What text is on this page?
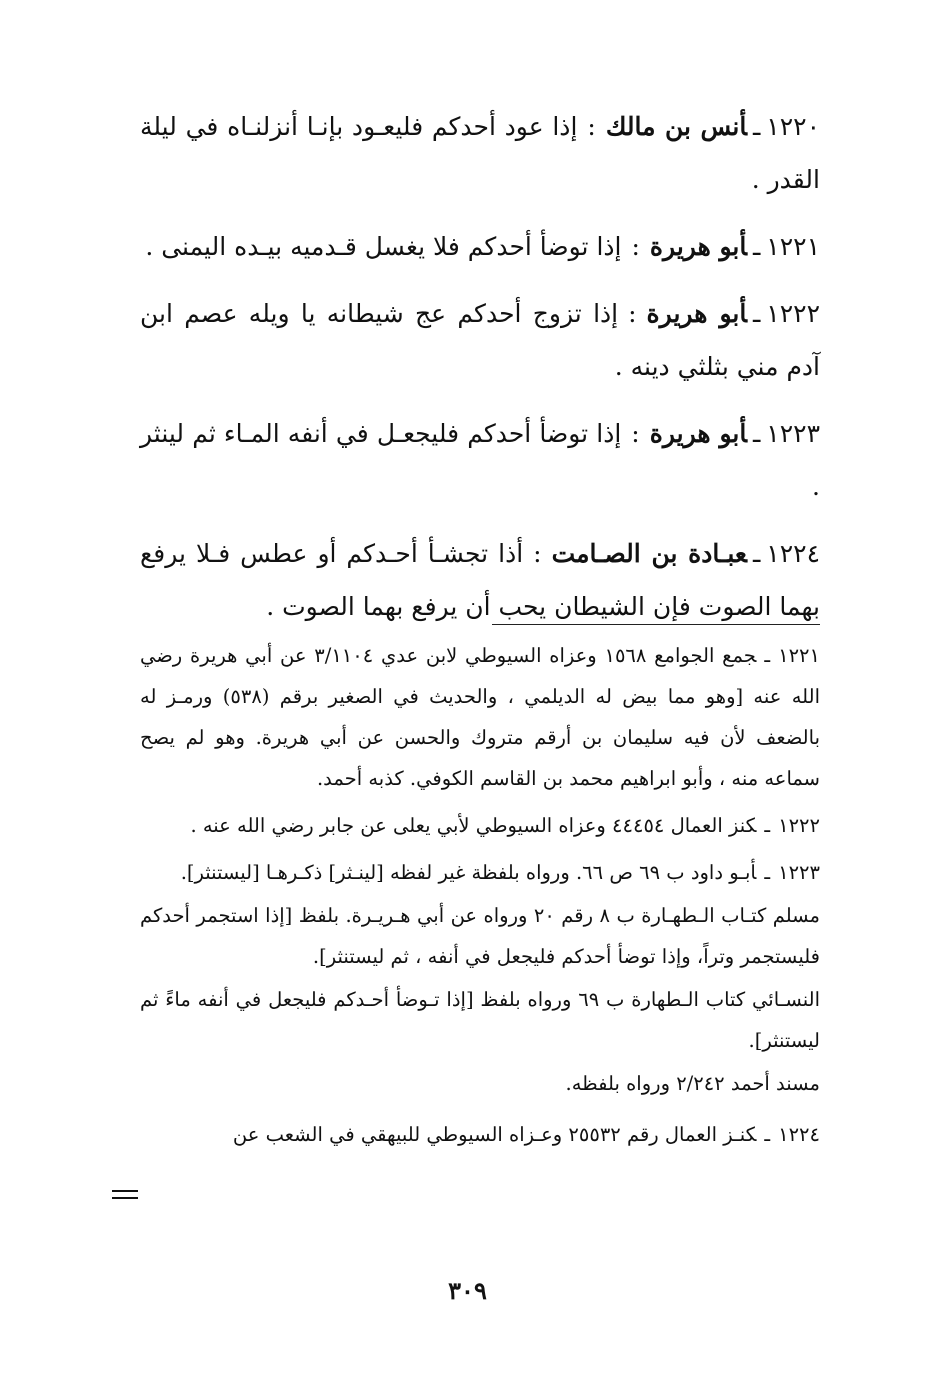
١٢٢٠ـأنس بن مالك:إذا عود أحدكم فليعـود بإنـا أنزلنـاه في ليلة القدر .
١٢٢١ـأبو هريرة:إذا توضأ أحدكم فلا يغسل قـدميه بيـده اليمنى .
١٢٢٢ـأبو هريرة:إذا تزوج أحدكم عج شيطانه يا ويله عصم ابن آدم مني بثلثي دينه .
١٢٢٣ـأبو هريرة:إذا توضأ أحدكم فليجعـل في أنفه المـاء ثم لينثر .
١٢٢٤ـعبـادة بن الصـامت:أذا تجشـأ أحـدكم أو عطس فـلا يرفع بهما الصوت فإن الشيطان يحب أن يرفع بهما الصوت .
١٢٢١ـجمع الجوامع ١٥٦٨ وعزاه السيوطي لابن عدي ٣/١١٠٤ عن أبي هريرة رضي الله عنه [وهو مما بيض له الديلمي ، والحديث في الصغير برقم (٥٣٨) ورمـز له بالضعف لأن فيه سليمان بن أرقم متروك والحسن عن أبي هريرة. وهو لم يصح سماعه منه ، وأبو ابراهيم محمد بن القاسم الكوفي. كذبه أحمد.
١٢٢٢ـكنز العمال ٤٤٤٥٤ وعزاه السيوطي لأبي يعلى عن جابر رضي الله عنه .
١٢٢٣ـأبـو داود ب ٦٩ ص ٦٦. ورواه بلفظة غير لفظه [لينـثر] ذكـرهـا [ليستنثر].
مسلم كتـاب الـطهـارة ب ٨ رقم ٢٠ ورواه عن أبي هـريـرة. بلفظ [إذا استجمر أحدكم فليستجمر وتراً، وإذا توضأ أحدكم فليجعل في أنفه ، ثم ليستنثر].
النسـائي كتاب الـطهارة ب ٦٩ ورواه بلفظ [إذا تـوضأ أحـدكم فليجعل في أنفه ماءً ثم ليستنثر].
مسند أحمد ٢/٢٤٢ ورواه بلفظه.
١٢٢٤ـكنـز العمال رقم ٢٥٥٣٢ وعـزاه السيوطي للبيهقي في الشعب عن
٣٠٩
